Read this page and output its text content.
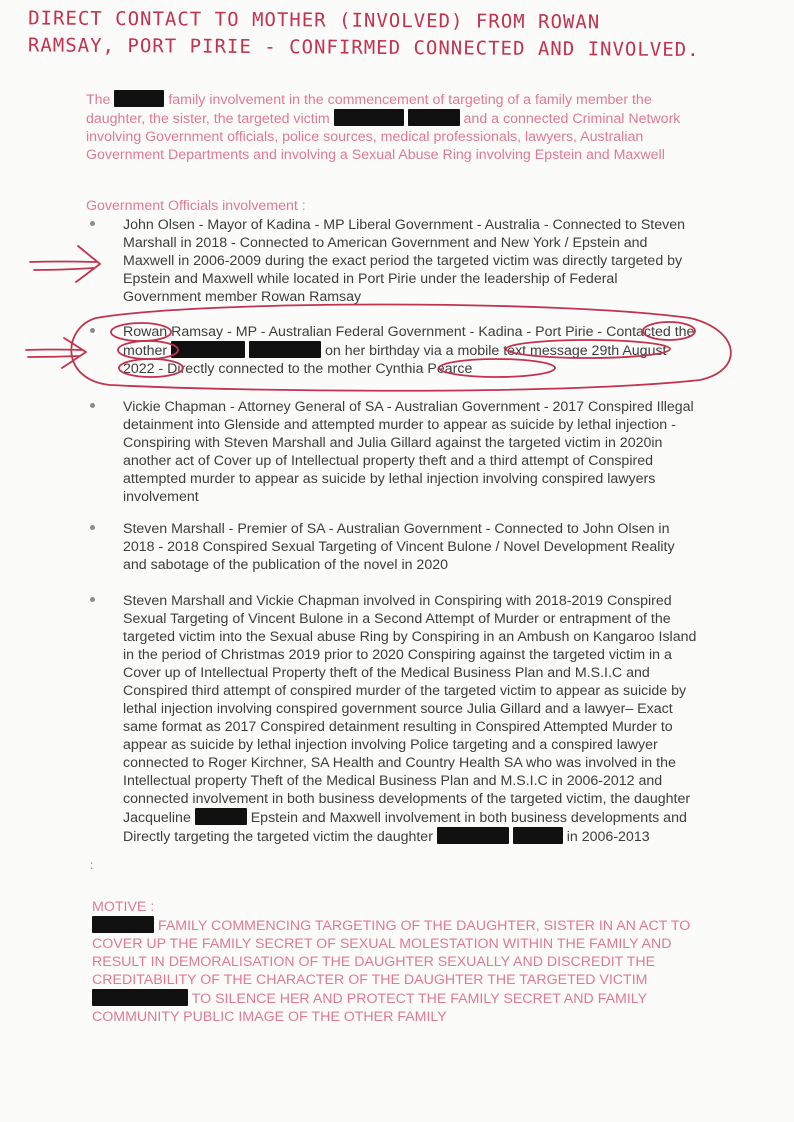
DIRECT CONTACT TO MOTHER (INVOLVED) FROM ROWAN
RAMSAY, PORT PIRIE - CONFIRMED CONNECTED AND INVOLVED.
The	family involvement in the commencement of targeting of a family member the daughter, the sister, the targeted victim	and a connected Criminal Network involving Government officials, police sources, medical professionals, lawyers, Australian Government Departments and involving a Sexual Abuse Ring involving Epstein and Maxwell
Government Officials involvement :
John Olsen - Mayor of Kadina - MP Liberal Government - Australia - Connected to Steven Marshall in 2018 - Connected to American Government and New York / Epstein and Maxwell in 2006-2009 during the exact period the targeted victim was directly targeted by Epstein and Maxwell while located in Port Pirie under the leadership of Federal Government member Rowan Ramsay
Rowan Ramsay - MP - Australian Federal Government - Kadina - Port Pirie - Contacted the mother	on her birthday via a mobile text message 29th August 2022 - Directly connected to the mother Cynthia Pearce
Vickie Chapman - Attorney General of SA - Australian Government - 2017 Conspired Illegal detainment into Glenside and attempted murder to appear as suicide by lethal injection - Conspiring with Steven Marshall and Julia Gillard against the targeted victim in 2020in another act of Cover up of Intellectual property theft and a third attempt of Conspired attempted murder to appear as suicide by lethal injection involving conspired lawyers involvement
Steven Marshall - Premier of SA - Australian Government - Connected to John Olsen in 2018 - 2018 Conspired Sexual Targeting of Vincent Bulone / Novel Development Reality and sabotage of the publication of the novel in 2020
Steven Marshall and Vickie Chapman involved in Conspiring with 2018-2019 Conspired Sexual Targeting of Vincent Bulone in a Second Attempt of Murder or entrapment of the targeted victim into the Sexual abuse Ring by Conspiring in an Ambush on Kangaroo Island in the period of Christmas 2019 prior to 2020 Conspiring against the targeted victim in a Cover up of Intellectual Property theft of the Medical Business Plan and M.S.I.C and Conspired third attempt of conspired murder of the targeted victim to appear as suicide by lethal injection involving conspired government source Julia Gillard and a lawyer– Exact same format as 2017 Conspired detainment resulting in Conspired Attempted Murder to appear as suicide by lethal injection involving Police targeting and a conspired lawyer connected to Roger Kirchner, SA Health and Country Health SA who was involved in the Intellectual property Theft of the Medical Business Plan and M.S.I.C in 2006-2012 and connected involvement in both business developments of the targeted victim, the daughter Jacqueline	Epstein and Maxwell involvement in both business developments and Directly targeting the targeted victim the daughter	in 2006-2013
:
MOTIVE :
FAMILY COMMENCING TARGETING OF THE DAUGHTER, SISTER IN AN ACT TO COVER UP THE FAMILY SECRET OF SEXUAL MOLESTATION WITHIN THE FAMILY AND RESULT IN DEMORALISATION OF THE DAUGHTER SEXUALLY AND DISCREDIT THE CREDITABILITY OF THE CHARACTER OF THE DAUGHTER THE TARGETED VICTIM  TO SILENCE HER AND PROTECT THE FAMILY SECRET AND FAMILY COMMUNITY PUBLIC IMAGE OF THE OTHER FAMILY
